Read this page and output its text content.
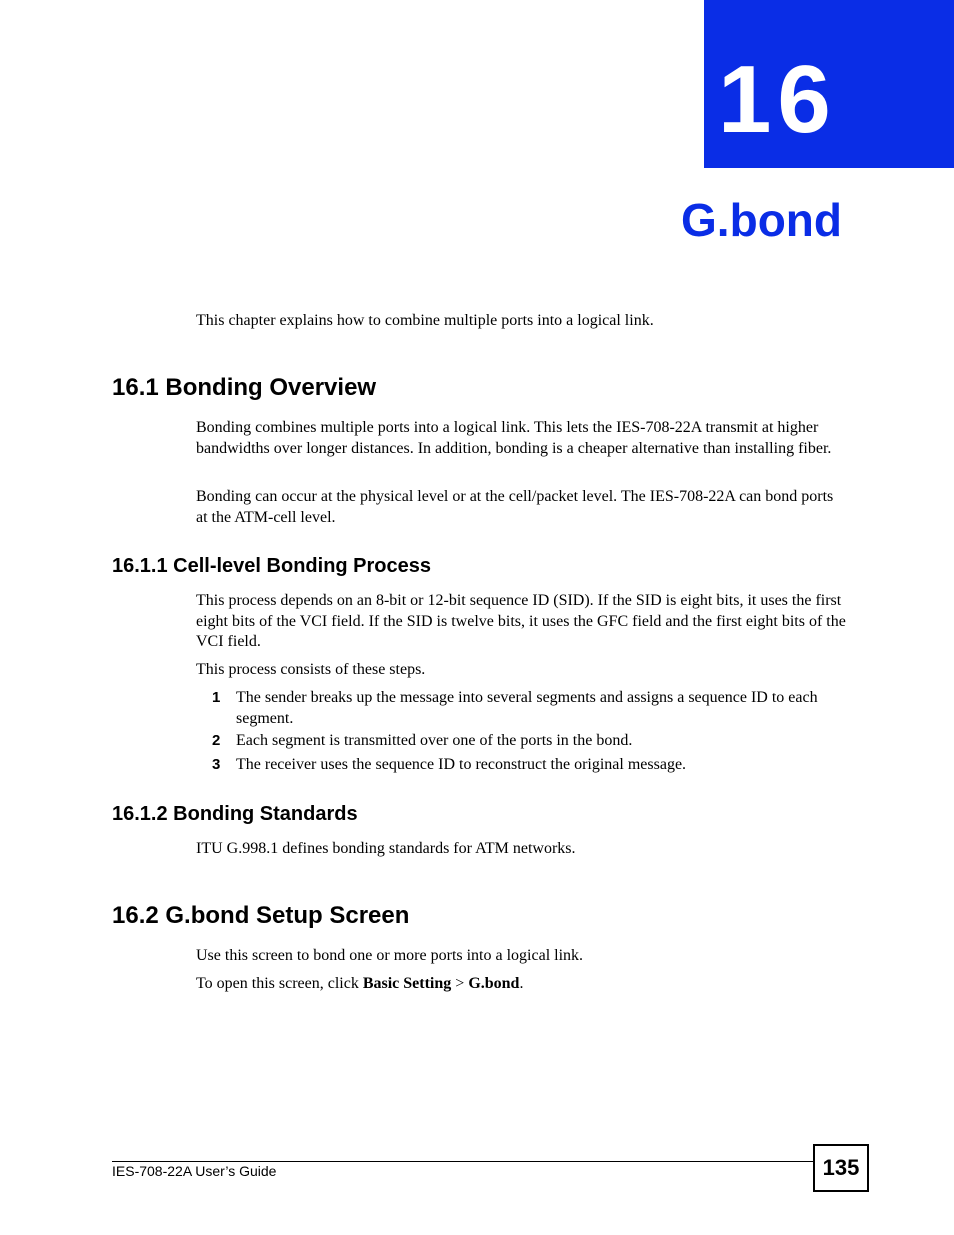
16
G.bond
This chapter explains how to combine multiple ports into a logical link.
16.1 Bonding Overview
Bonding combines multiple ports into a logical link. This lets the IES-708-22A transmit at higher bandwidths over longer distances. In addition, bonding is a cheaper alternative than installing fiber.
Bonding can occur at the physical level or at the cell/packet level. The IES-708-22A can bond ports at the ATM-cell level.
16.1.1 Cell-level Bonding Process
This process depends on an 8-bit or 12-bit sequence ID (SID). If the SID is eight bits, it uses the first eight bits of the VCI field. If the SID is twelve bits, it uses the GFC field and the first eight bits of the VCI field.
This process consists of these steps.
1 The sender breaks up the message into several segments and assigns a sequence ID to each segment.
2 Each segment is transmitted over one of the ports in the bond.
3 The receiver uses the sequence ID to reconstruct the original message.
16.1.2 Bonding Standards
ITU G.998.1 defines bonding standards for ATM networks.
16.2 G.bond Setup Screen
Use this screen to bond one or more ports into a logical link.
To open this screen, click Basic Setting > G.bond.
IES-708-22A User’s Guide	135
